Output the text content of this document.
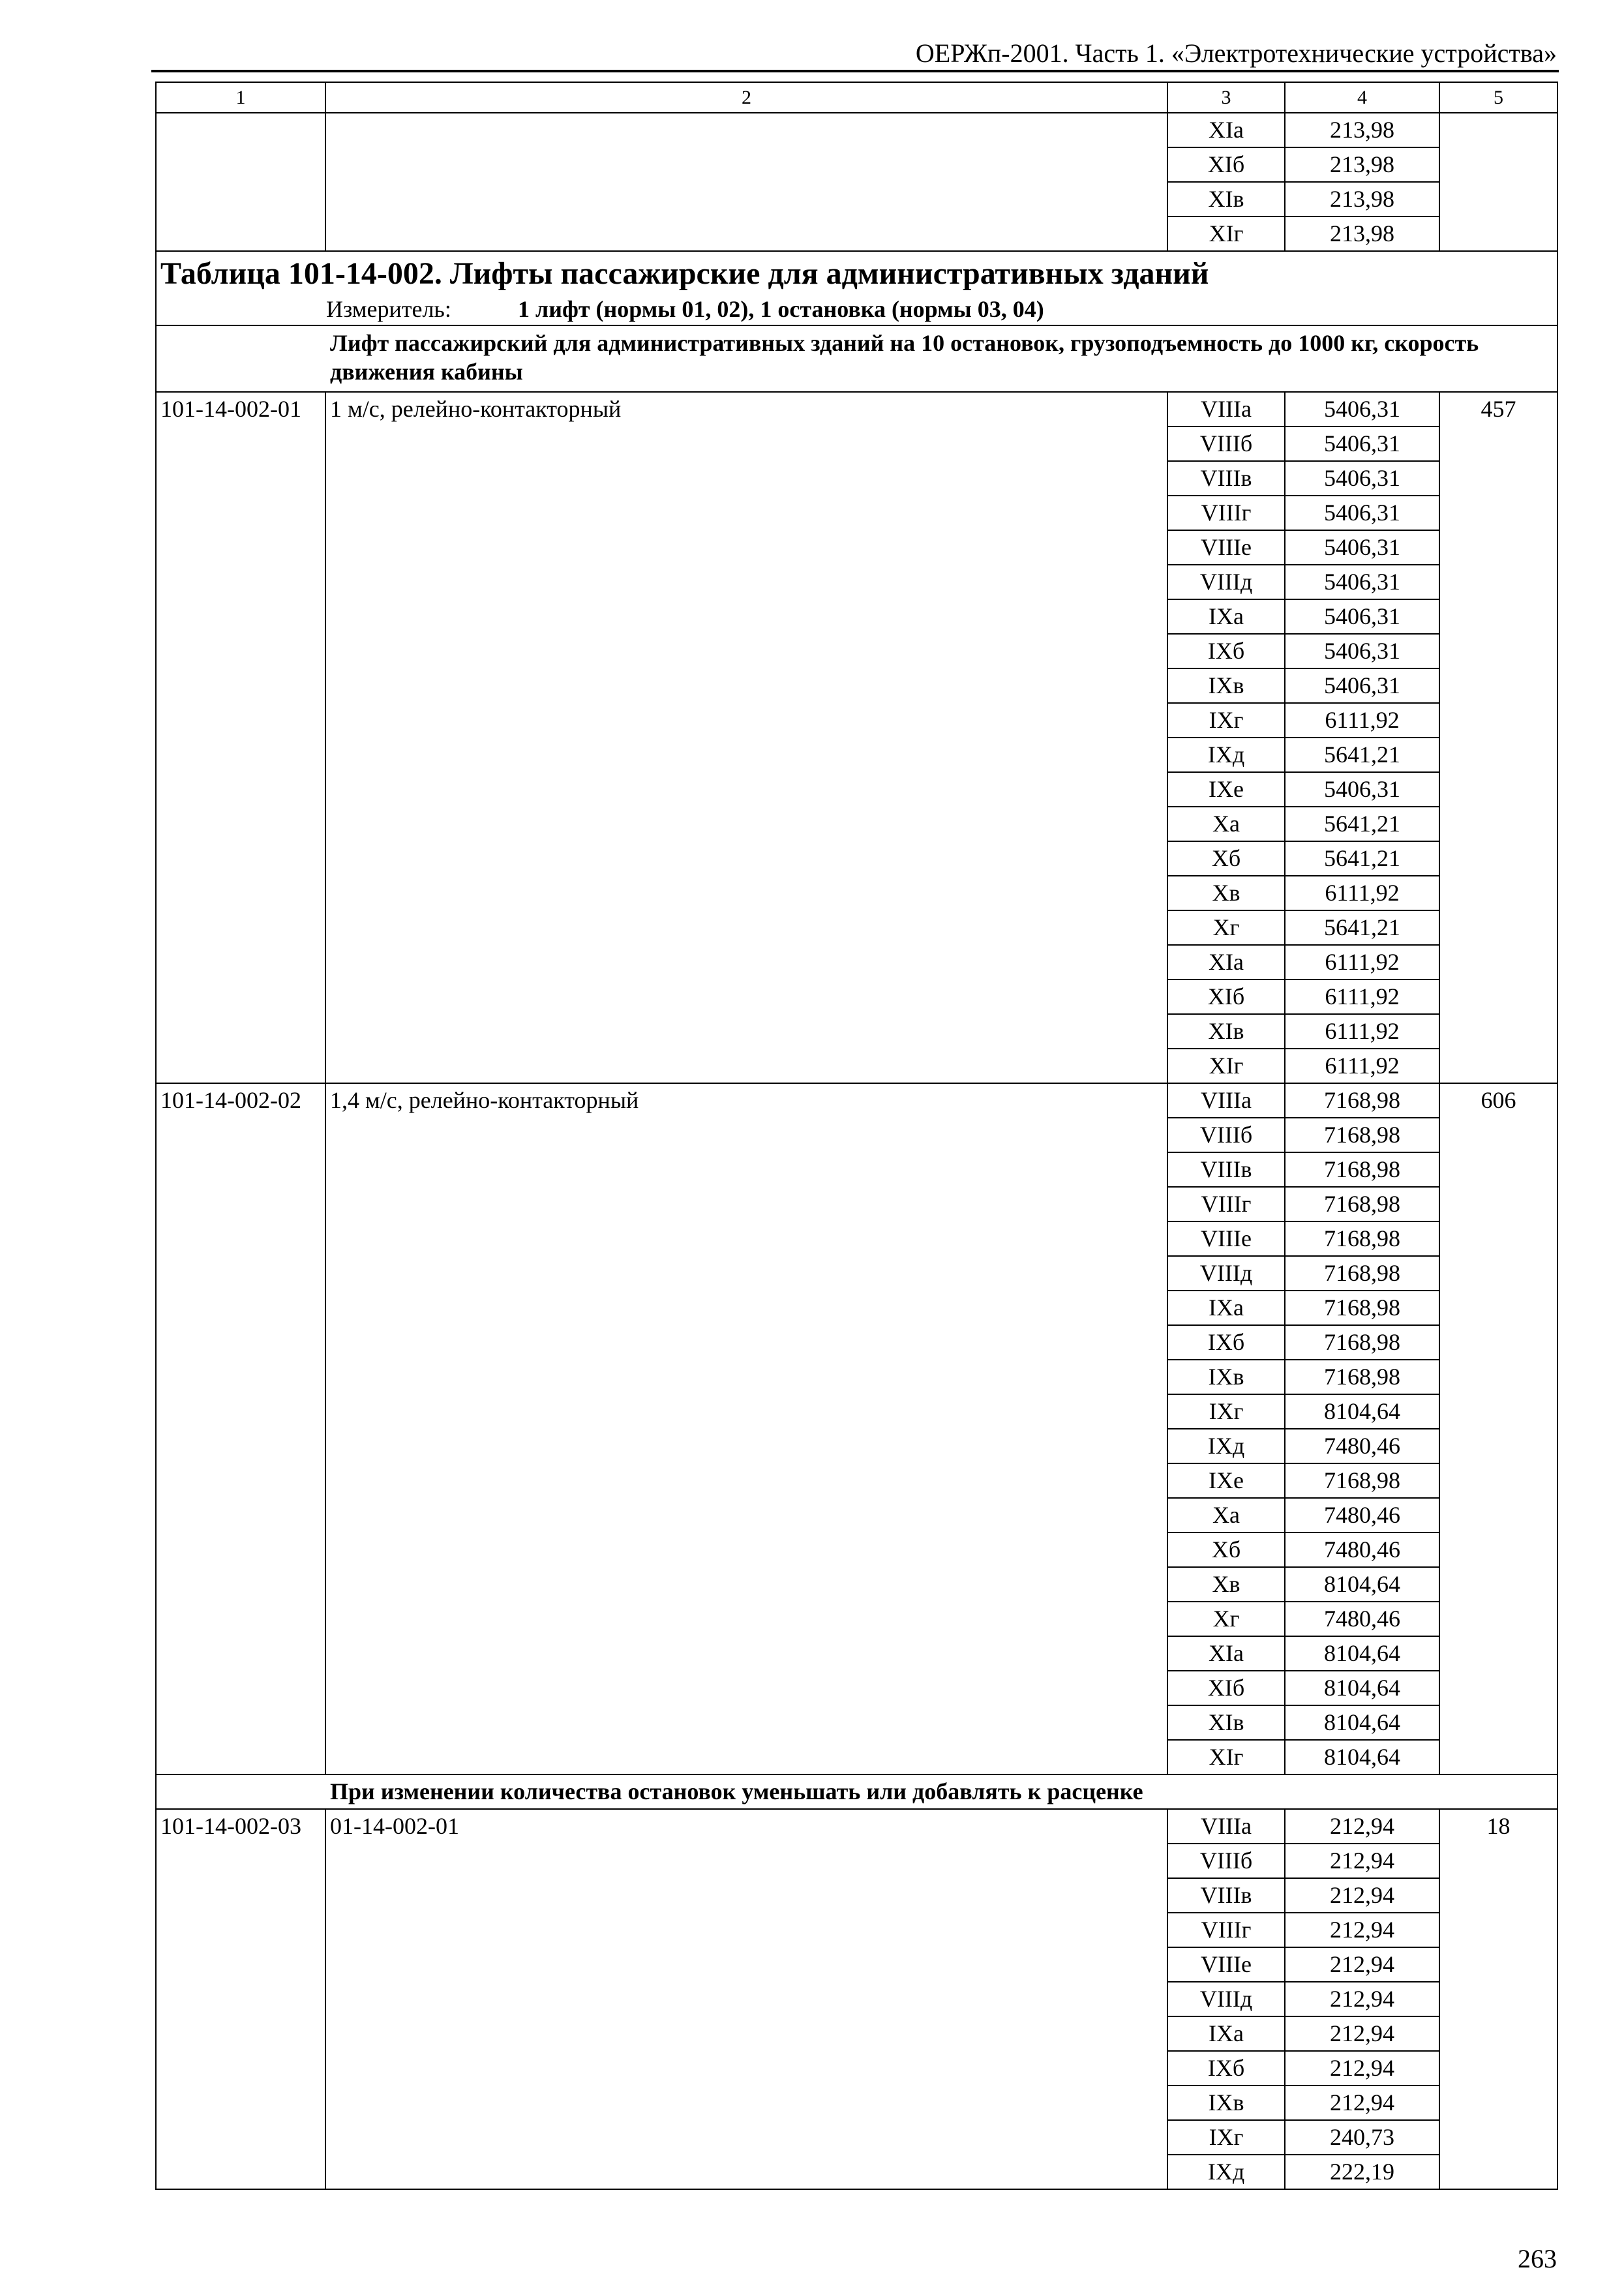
ОЕРЖп-2001. Часть 1. «Электротехнические устройства»
1	2	3	4	5
		XIа	213,98	
		XIб	213,98	
		XIв	213,98	
		XIг	213,98	

Таблица 101-14-002. Лифты пассажирские для административных зданий
Измеритель: 1 лифт (нормы 01, 02), 1 остановка (нормы 03, 04)				

Лифт пассажирский для административных зданий на 10 остановок, грузоподъемность до 1000 кг, скорость движения кабины				
101-14-002-01	1 м/с, релейно-контакторный	VIIIа	5406,31	457
		VIIIб	5406,31	
		VIIIв	5406,31	
		VIIIг	5406,31	
		VIIIе	5406,31	
		VIIIд	5406,31	
		IXа	5406,31	
		IXб	5406,31	
		IXв	5406,31	
		IXг	6111,92	
		IXд	5641,21	
		IXе	5406,31	
		Xа	5641,21	
		Xб	5641,21	
		Xв	6111,92	
		Xг	5641,21	
		XIа	6111,92	
		XIб	6111,92	
		XIв	6111,92	
		XIг	6111,92	
101-14-002-02	1,4 м/с, релейно-контакторный	VIIIа	7168,98	606
		VIIIб	7168,98	
		VIIIв	7168,98	
		VIIIг	7168,98	
		VIIIе	7168,98	
		VIIIд	7168,98	
		IXа	7168,98	
		IXб	7168,98	
		IXв	7168,98	
		IXг	8104,64	
		IXд	7480,46	
		IXе	7168,98	
		Xа	7480,46	
		Xб	7480,46	
		Xв	8104,64	
		Xг	7480,46	
		XIа	8104,64	
		XIб	8104,64	
		XIв	8104,64	
		XIг	8104,64	
При изменении количества остановок уменьшать или добавлять к расценке				
101-14-002-03	01-14-002-01	VIIIа	212,94	18
		VIIIб	212,94	
		VIIIв	212,94	
		VIIIг	212,94	
		VIIIе	212,94	
		VIIIд	212,94	
		IXа	212,94	
		IXб	212,94	
		IXв	212,94	
		IXг	240,73	
		IXд	222,19	
263
